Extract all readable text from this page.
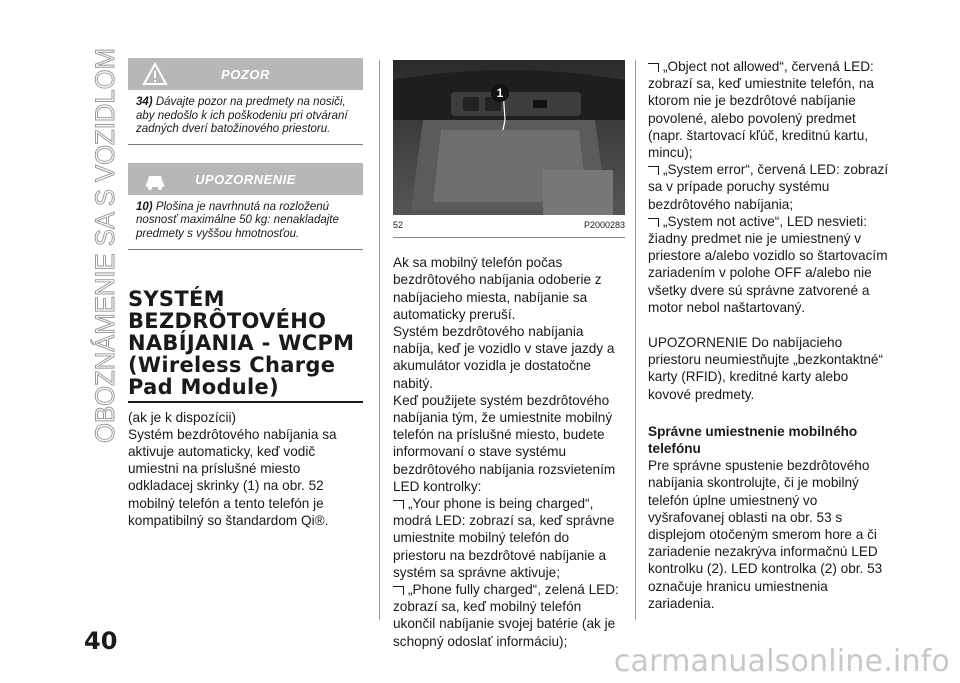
OBOZNÁMENIE SA S VOZIDLOM	POZOR
34) Dávajte pozor na predmety na nosiči, aby nedošlo k ich poškodeniu pri otváraní zadných dverí batožinového priestoru.
UPOZORNENIE
10) Plošina je navrhnutá na rozloženú nosnosť maximálne 50 kg: nenakladajte predmety s vyššou hmotnosťou.
SYSTÉM BEZDRÔTOVÉHO NABÍJANIA - WCPM (Wireless Charge Pad Module)

(ak je k dispozícii)

Systém bezdrôtového nabíjania sa aktivuje automaticky, keď vodič umiestni na príslušné miesto odkladacej skrinky (1) na obr. 52 mobilný telefón a tento telefón je kompatibilný so štandardom Qi®.

1
52	P2000283

Ak sa mobilný telefón počas bezdrôtového nabíjania odoberie z nabíjacieho miesta, nabíjanie sa automaticky preruší.

Systém bezdrôtového nabíjania nabíja, keď je vozidlo v stave jazdy a akumulátor vozidla je dostatočne nabitý.

Keď použijete systém bezdrôtového nabíjania tým, že umiestnite mobilný telefón na príslušné miesto, budete informovaní o stave systému bezdrôtového nabíjania rozsvietením LED kontrolky:

„Your phone is being charged“, modrá LED: zobrazí sa, keď správne umiestnite mobilný telefón do priestoru na bezdrôtové nabíjanie a systém sa správne aktivuje;

„Phone fully charged“, zelená LED: zobrazí sa, keď mobilný telefón ukončil nabíjanie svojej batérie (ak je schopný odoslať informáciu);

„Object not allowed“, červená LED: zobrazí sa, keď umiestnite telefón, na ktorom nie je bezdrôtové nabíjanie povolené, alebo povolený predmet (napr. štartovací kľúč, kreditnú kartu, mincu);

„System error“, červená LED: zobrazí sa v prípade poruchy systému bezdrôtového nabíjania;

„System not active“, LED nesvieti: žiadny predmet nie je umiestnený v priestore a/alebo vozidlo so štartovacím zariadením v polohe OFF a/alebo nie všetky dvere sú správne zatvorené a motor nebol naštartovaný.

UPOZORNENIE Do nabíjacieho priestoru neumiestňujte „bezkontaktné“ karty (RFID), kreditné karty alebo kovové predmety.

Správne umiestnenie mobilného telefónu

Pre správne spustenie bezdrôtového nabíjania skontrolujte, či je mobilný telefón úplne umiestnený vo vyšrafovanej oblasti na obr. 53 s displejom otočeným smerom hore a či zariadenie nezakrýva informačnú LED kontrolku (2). LED kontrolka (2) obr. 53 označuje hranicu umiestnenia zariadenia.

40
carmanualsonline.info
